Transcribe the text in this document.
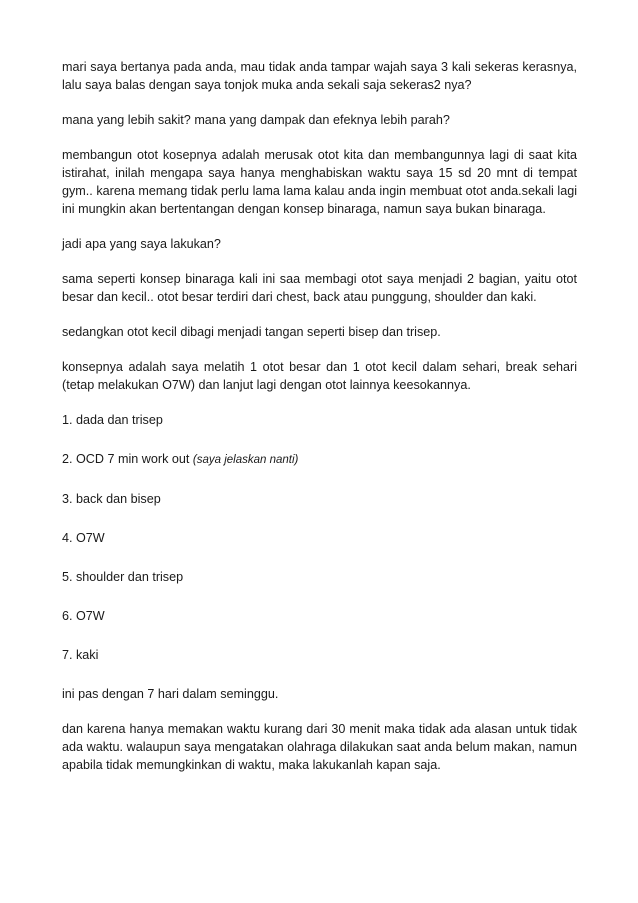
mari saya bertanya pada anda, mau tidak anda tampar wajah saya 3 kali sekeras kerasnya, lalu saya balas dengan saya tonjok muka anda sekali saja sekeras2 nya?

mana yang lebih sakit? mana yang dampak dan efeknya lebih parah?

membangun otot kosepnya adalah merusak otot kita dan membangunnya lagi di saat kita istirahat, inilah mengapa saya hanya menghabiskan waktu saya 15 sd 20 mnt di tempat gym.. karena memang tidak perlu lama lama kalau anda ingin membuat otot anda.sekali lagi ini mungkin akan bertentangan dengan konsep binaraga, namun saya bukan binaraga.

jadi apa yang saya lakukan?

sama seperti konsep binaraga kali ini saa membagi otot saya menjadi 2 bagian, yaitu otot besar dan kecil.. otot besar terdiri dari chest, back atau punggung, shoulder dan kaki.

sedangkan otot kecil dibagi menjadi tangan seperti bisep dan trisep.

konsepnya adalah saya melatih 1 otot besar dan 1 otot kecil dalam sehari, break sehari (tetap melakukan O7W) dan lanjut lagi dengan otot lainnya keesokannya.

1. dada dan trisep
2. OCD 7 min work out (saya jelaskan nanti)
3. back dan bisep
4. O7W
5. shoulder dan trisep
6. O7W
7. kaki

ini pas dengan 7 hari dalam seminggu.

dan karena hanya memakan waktu kurang dari 30 menit maka tidak ada alasan untuk tidak ada waktu. walaupun saya mengatakan olahraga dilakukan saat anda belum makan, namun apabila tidak memungkinkan di waktu, maka lakukanlah kapan saja.
